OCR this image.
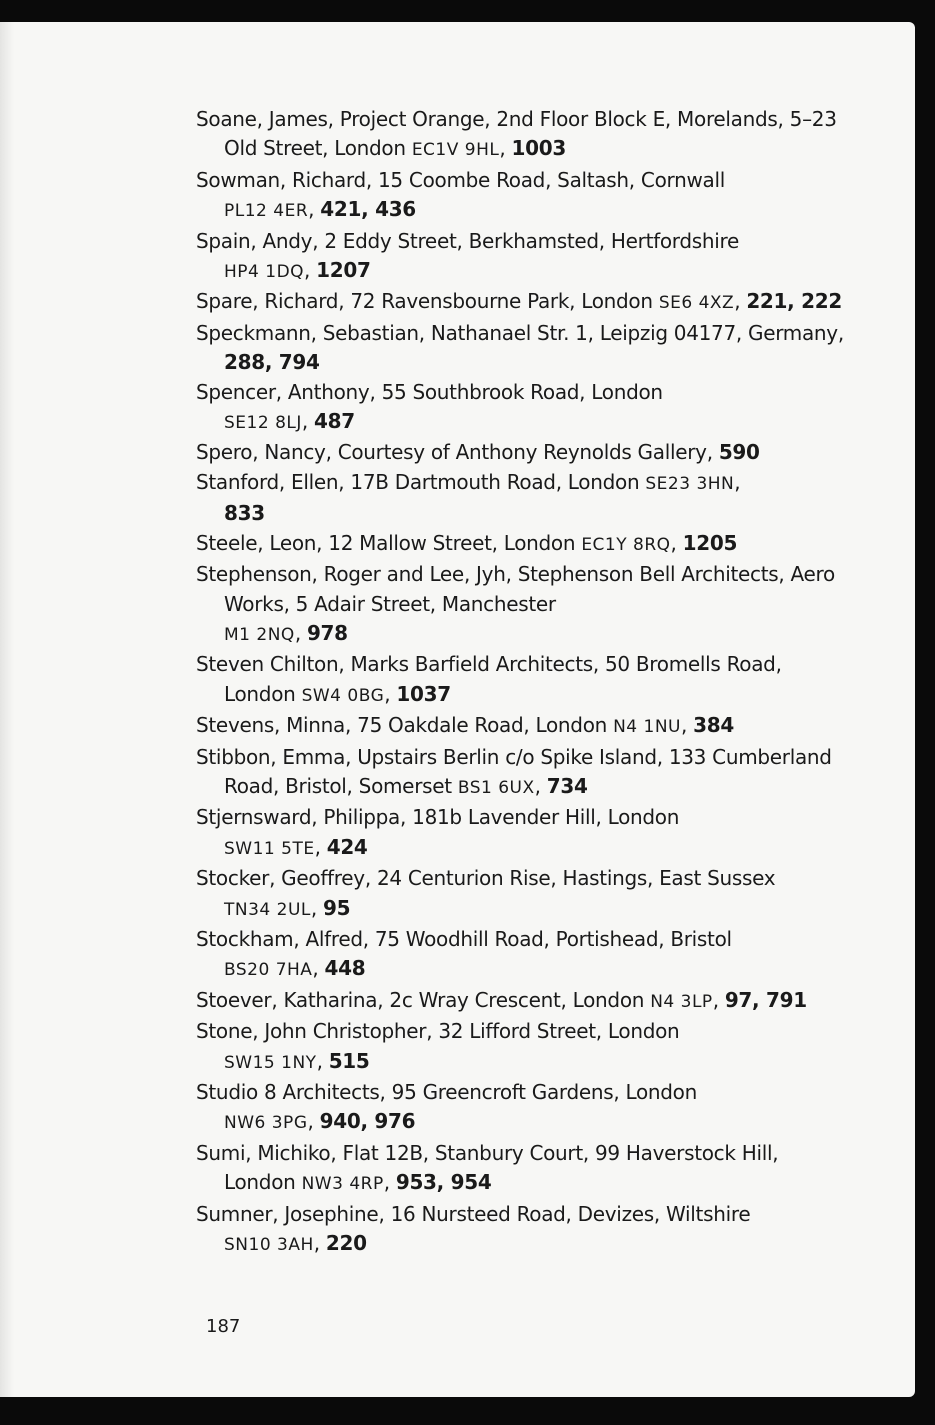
Soane, James, Project Orange, 2nd Floor Block E, Morelands, 5–23 Old Street, London EC1V 9HL, 1003
Sowman, Richard, 15 Coombe Road, Saltash, Cornwall
PL12 4ER, 421, 436
Spain, Andy, 2 Eddy Street, Berkhamsted, Hertfordshire
HP4 1DQ, 1207
Spare, Richard, 72 Ravensbourne Park, London SE6 4XZ, 221, 222
Speckmann, Sebastian, Nathanael Str. 1, Leipzig 04177, Germany, 288, 794
Spencer, Anthony, 55 Southbrook Road, London
SE12 8LJ, 487
Spero, Nancy, Courtesy of Anthony Reynolds Gallery, 590
Stanford, Ellen, 17B Dartmouth Road, London SE23 3HN,
833
Steele, Leon, 12 Mallow Street, London EC1Y 8RQ, 1205
Stephenson, Roger and Lee, Jyh, Stephenson Bell Architects, Aero Works, 5 Adair Street, Manchester
M1 2NQ, 978
Steven Chilton, Marks Barfield Architects, 50 Bromells Road, London SW4 0BG, 1037
Stevens, Minna, 75 Oakdale Road, London N4 1NU, 384
Stibbon, Emma, Upstairs Berlin c/o Spike Island, 133 Cumberland Road, Bristol, Somerset BS1 6UX, 734
Stjernsward, Philippa, 181b Lavender Hill, London
SW11 5TE, 424
Stocker, Geoffrey, 24 Centurion Rise, Hastings, East Sussex
TN34 2UL, 95
Stockham, Alfred, 75 Woodhill Road, Portishead, Bristol
BS20 7HA, 448
Stoever, Katharina, 2c Wray Crescent, London N4 3LP, 97, 791
Stone, John Christopher, 32 Lifford Street, London
SW15 1NY, 515
Studio 8 Architects, 95 Greencroft Gardens, London
NW6 3PG, 940, 976
Sumi, Michiko, Flat 12B, Stanbury Court, 99 Haverstock Hill, London NW3 4RP, 953, 954
Sumner, Josephine, 16 Nursteed Road, Devizes, Wiltshire
SN10 3AH, 220
187
